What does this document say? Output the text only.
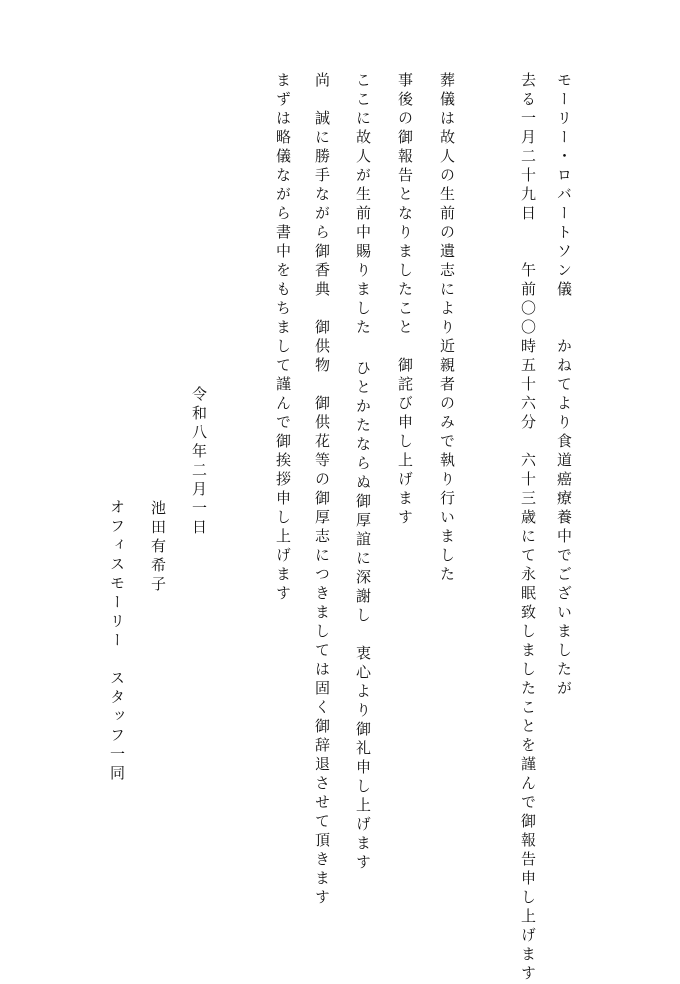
モーリー・ロバートソン儀　　かねてより食道癌療養中でございましたが
去る一月二十九日　　午前〇〇時五十六分　六十三歳にて永眠致しましたことを謹んで御報告申し上げます
葬儀は故人の生前の遺志により近親者のみで執り行いました
事後の御報告となりましたこと　御詫び申し上げます
ここに故人が生前中賜りました ひとかたならぬ御厚誼に深謝し　衷心より御礼申し上げます
尚　誠に勝手ながら御香典　御供物　御供花等の御厚志につきましては固く御辞退させて頂きます
まずは略儀ながら書中をもちまして謹んで御挨拶申し上げます
令和八年二月一日
池田有希子
オフィスモーリー　スタッフ一同
